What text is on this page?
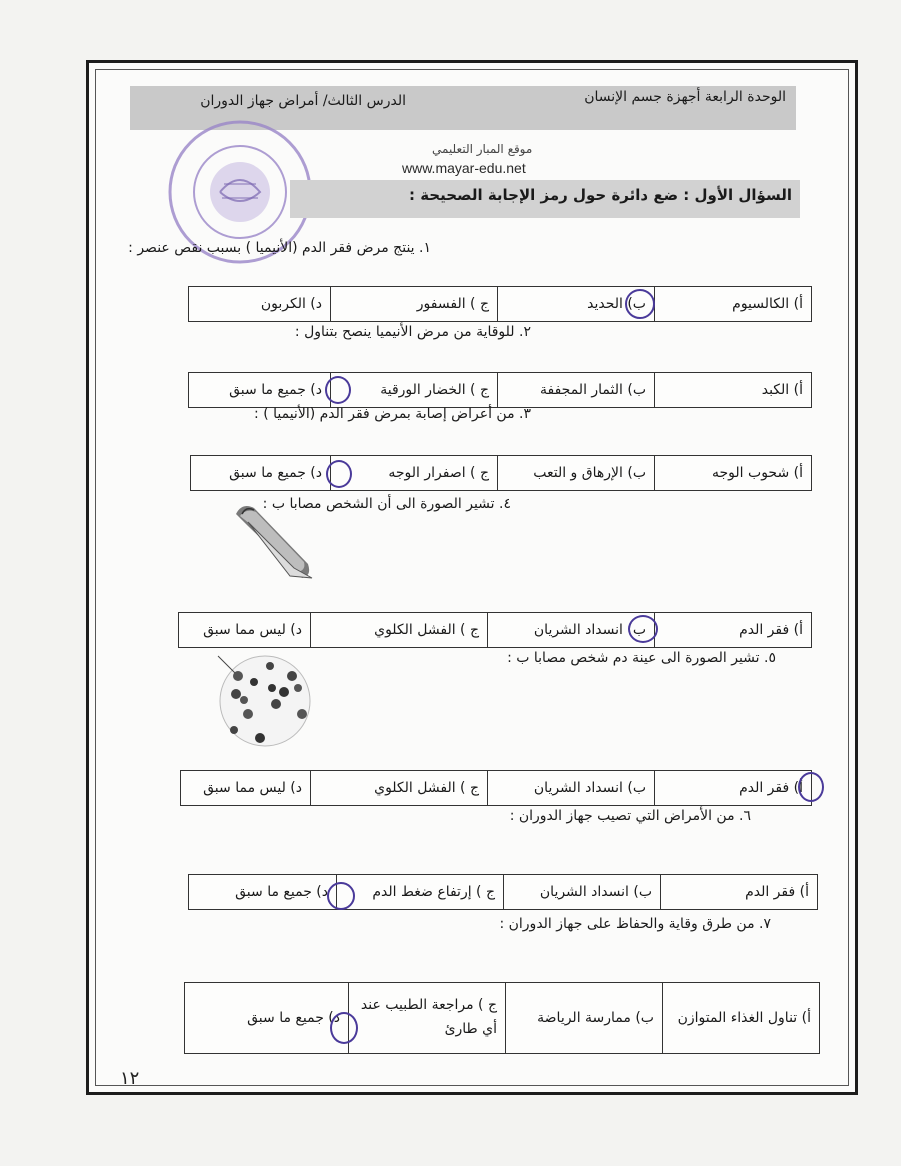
الوحدة الرابعة أجهزة جسم الإنسان
الدرس الثالث/ أمراض جهاز الدوران
موقع المبار التعليمي
www.mayar-edu.net
السؤال الأول : ضع دائرة حول رمز الإجابة الصحيحة :
١. ينتج مرض فقر الدم (الأنيميا ) بسبب نقص عنصر :
أ) الكالسيوم	ب) الحديد	ج ) الفسفور	د) الكربون
٢. للوقاية من مرض الأنيميا ينصح بتناول :
أ) الكبد	ب) الثمار المجففة	ج ) الخضار الورقية	د) جميع ما سبق
٣. من أعراض إصابة بمرض فقر الدم (الأنيميا ) :
أ) شحوب الوجه	ب) الإرهاق و التعب	ج ) اصفرار الوجه	د) جميع ما سبق
٤. تشير الصورة الى أن الشخص مصابا ب :
أ) فقر الدم	ب) انسداد الشريان	ج ) الفشل الكلوي	د) ليس مما سبق
٥. تشير الصورة الى عينة دم شخص مصابا ب :
أ) فقر الدم	ب) انسداد الشريان	ج ) الفشل الكلوي	د) ليس مما سبق
٦. من الأمراض التي تصيب جهاز الدوران :
أ) فقر الدم	ب) انسداد الشريان	ج ) إرتفاع ضغط الدم	د) جميع ما سبق
٧. من طرق وقاية والحفاظ على جهاز الدوران :
أ) تناول الغذاء المتوازن	ب) ممارسة الرياضة	ج ) مراجعة الطبيب عند أي طارئ	د) جميع ما سبق
١٢
